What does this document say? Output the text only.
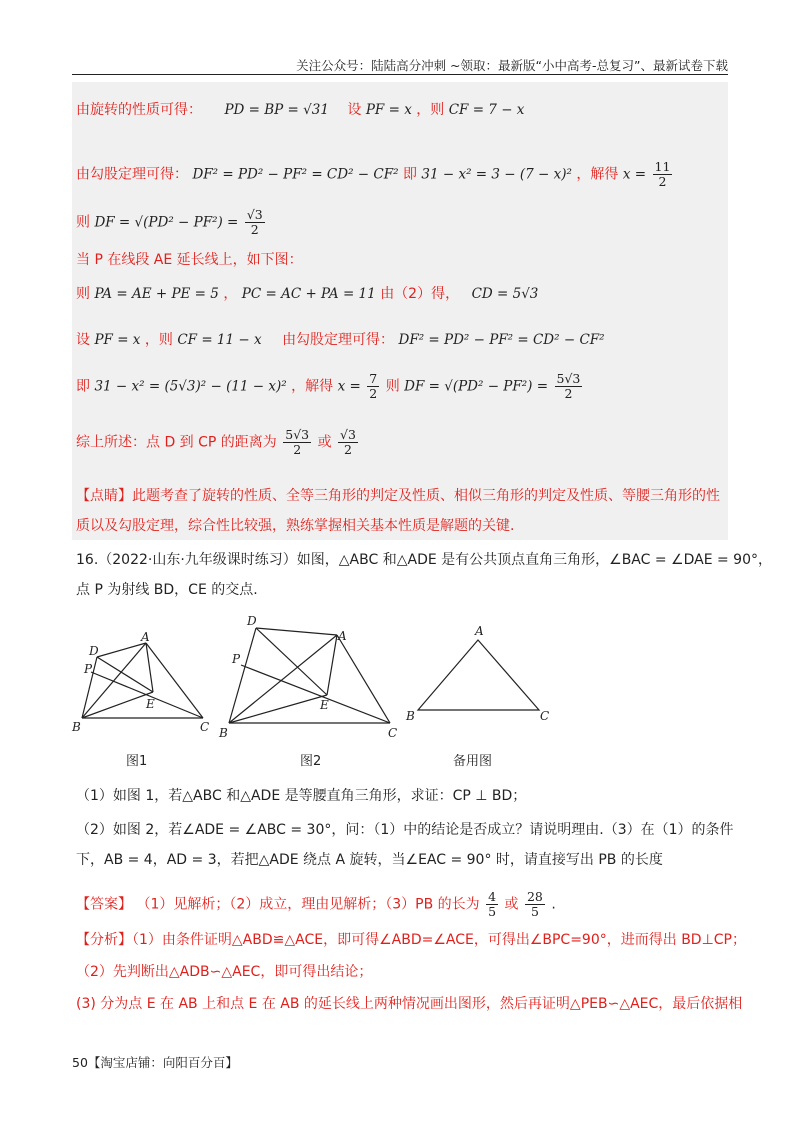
关注公众号：陆陆高分冲刺 ~领取：最新版“小中高考-总复习”、最新试卷下载
由旋转的性质可得： PD = BP = √31 设 PF = x ，则 CF = 7 − x
由勾股定理可得： DF² = PD² − PF² = CD² − CF² 即 31 − x² = 3 − (7 − x)² ，解得 $x = \frac{11}{2}$
则 DF = $√(PD^2 - PF^2) = \frac{√3}{2}$
当 P 在线段 AE 延长线上，如下图：
则 PA = AE + PE = 5 ， PC = AC + PA = 11 由（2）得， CD = 5√3
设 PF = x ，则 CF = 11 − x 由勾股定理可得： DF² = PD² − PF² = CD² − CF²
即 31 − x² = (5√3)² − (11 − x)² ，解得 $x = \frac{7}{2}$ 则 DF = $√(PD^2 - PF^2) = \frac{5√3}{2}$
综上所述：点 D 到 CP 的距离为 $\frac{5√3}{2}$ 或 $\frac{√3}{2}$
【点睛】此题考查了旋转的性质、全等三角形的判定及性质、相似三角形的判定及性质、等腰三角形的性
质以及勾股定理，综合性比较强，熟练掌握相关基本性质是解题的关键.
16.（2022·山东·九年级课时练习）如图，△ABC 和△ADE 是有公共顶点直角三角形，∠BAC = ∠DAE = 90°，
点 P 为射线 BD，CE 的交点.
D
A
P
E
B	C
D
A
P
E
B	C
A
B	C
图1	图2	备用图
（1）如图 1，若△ABC 和△ADE 是等腰直角三角形，求证：CP ⊥ BD；
（2）如图 2，若∠ADE = ∠ABC = 30°，问：（1）中的结论是否成立？请说明理由.（3）在（1）的条件
下，AB = 4，AD = 3，若把△ADE 绕点 A 旋转，当∠EAC = 90° 时，请直接写出 PB 的长度
【答案】 （1）见解析；（2）成立，理由见解析；（3）PB 的长为 $\frac{4}{5}$ 或 $\frac{28}{5}$ .
【分析】（1）由条件证明△ABD≌△ACE，即可得∠ABD=∠ACE，可得出∠BPC=90°，进而得出 BD⊥CP；
（2）先判断出△ADB∽△AEC，即可得出结论；
(3) 分为点 E 在 AB 上和点 E 在 AB 的延长线上两种情况画出图形，然后再证明△PEB∽△AEC，最后依据相
50【淘宝店铺：向阳百分百】
